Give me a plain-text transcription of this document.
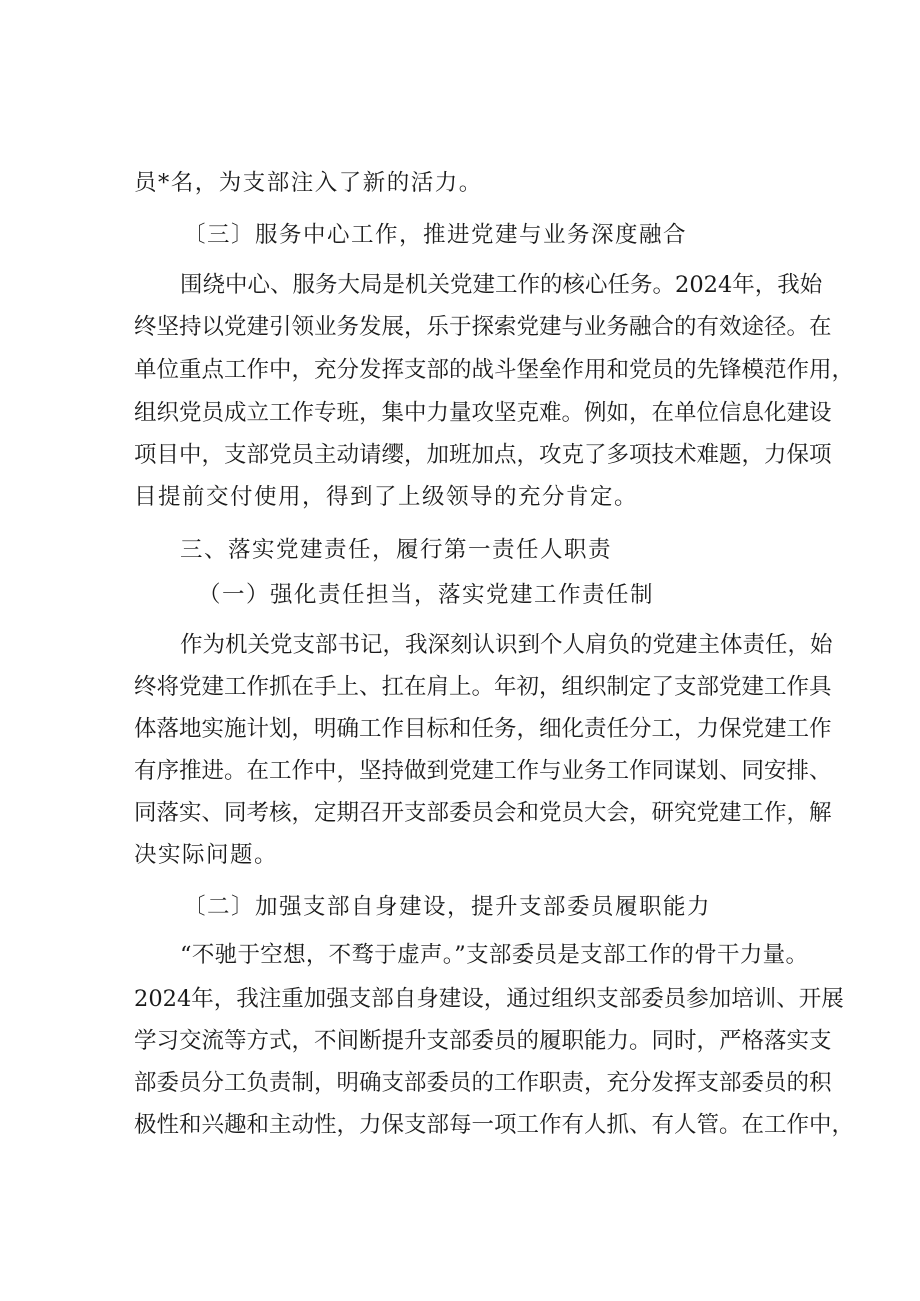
员*名，为支部注入了新的活力。
〔三〕服务中心工作，推进党建与业务深度融合
围绕中心、服务大局是机关党建工作的核心任务。2024年，我始
终坚持以党建引领业务发展，乐于探索党建与业务融合的有效途径。在
单位重点工作中，充分发挥支部的战斗堡垒作用和党员的先锋模范作用，
组织党员成立工作专班，集中力量攻坚克难。例如，在单位信息化建设
项目中，支部党员主动请缨，加班加点，攻克了多项技术难题，力保项
目提前交付使用，得到了上级领导的充分肯定。
三、落实党建责任，履行第一责任人职责
（一）强化责任担当，落实党建工作责任制
作为机关党支部书记，我深刻认识到个人肩负的党建主体责任，始
终将党建工作抓在手上、扛在肩上。年初，组织制定了支部党建工作具
体落地实施计划，明确工作目标和任务，细化责任分工，力保党建工作
有序推进。在工作中，坚持做到党建工作与业务工作同谋划、同安排、
同落实、同考核，定期召开支部委员会和党员大会，研究党建工作，解
决实际问题。
〔二〕加强支部自身建设，提升支部委员履职能力
“不驰于空想，不骛于虚声。”支部委员是支部工作的骨干力量。
2024年，我注重加强支部自身建设，通过组织支部委员参加培训、开展
学习交流等方式，不间断提升支部委员的履职能力。同时，严格落实支
部委员分工负责制，明确支部委员的工作职责，充分发挥支部委员的积
极性和兴趣和主动性，力保支部每一项工作有人抓、有人管。在工作中，
